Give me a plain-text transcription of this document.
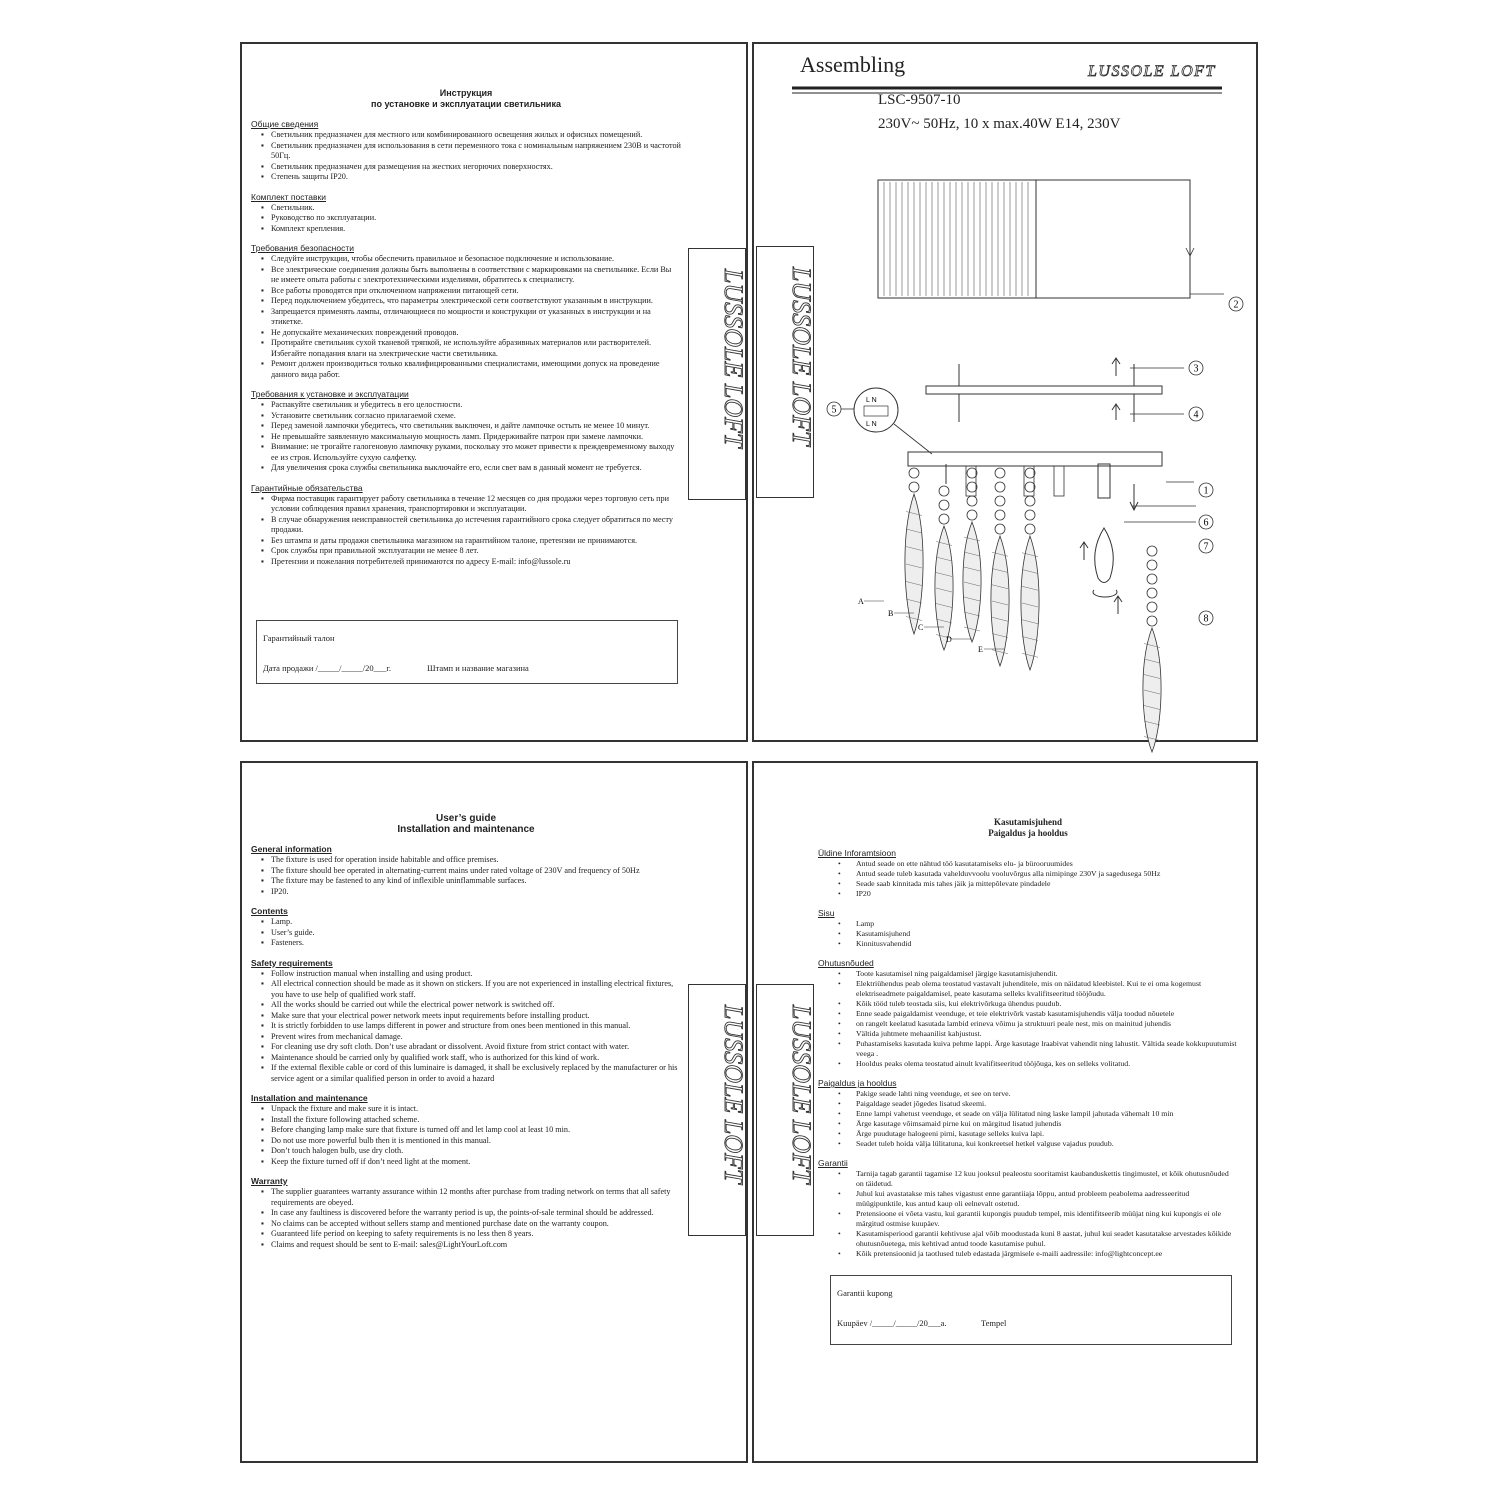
Инструкция
по установке и эксплуатации светильника
Общие сведения
▪ Светильник предназначен для местного или комбинированного освещения жилых и офисных помещений.
▪ Светильник предназначен для использования в сети переменного тока с номинальным напряжением 230В и частотой 50Гц.
▪ Светильник предназначен для размещения на жестких негорючих поверхностях.
▪ Степень защиты IP20.
Комплект поставки
▪ Светильник.
▪ Руководство по эксплуатации.
▪ Комплект крепления.
Требования безопасности
▪ Следуйте инструкции, чтобы обеспечить правильное и безопасное подключение и использование.
▪ Все электрические соединения должны быть выполнены в соответствии с маркировками на светильнике. Если Вы не имеете опыта работы с электротехническими изделиями, обратитесь к специалисту.
▪ Все работы проводятся при отключенном напряжении питающей сети.
▪ Перед подключением убедитесь, что параметры электрической сети соответствуют указанным в инструкции.
▪ Запрещается применять лампы, отличающиеся по мощности и конструкции от указанных в инструкции и на этикетке.
▪ Не допускайте механических повреждений проводов.
▪ Протирайте светильник сухой тканевой тряпкой, не используйте абразивных материалов или растворителей. Избегайте попадания влаги на электрические части светильника.
▪ Ремонт должен производиться только квалифицированными специалистами, имеющими допуск на проведение данного вида работ.
Требования к установке и эксплуатации
▪ Распакуйте светильник и убедитесь в его целостности.
▪ Установите светильник согласно прилагаемой схеме.
▪ Перед заменой лампочки убедитесь, что светильник выключен, и дайте лампочке остыть не менее 10 минут.
▪ Не превышайте заявленную максимальную мощность ламп. Придерживайте патрон при замене лампочки.
▪ Внимание: не трогайте галогеновую лампочку руками, поскольку это может привести к преждевременному выходу ее из строя. Используйте сухую салфетку.
▪ Для увеличения срока службы светильника выключайте его, если свет вам в данный момент не требуется.
Гарантийные обязательства
▪ Фирма поставщик гарантирует работу светильника в течение 12 месяцев со дня продажи через торговую сеть при условии соблюдения правил хранения, транспортировки и эксплуатации.
▪ В случае обнаружения неисправностей светильника до истечения гарантийного срока следует обратиться по месту продажи.
▪ Без штампа и даты продажи светильника магазином на гарантийном талоне, претензии не принимаются.
▪ Срок службы при правильной эксплуатации не менее 8 лет.
▪ Претензии и пожелания потребителей принимаются по адресу E-mail: info@lussole.ru
Гарантийный талон
Дата продажи /_____/_____/20___г.	Штамп и название магазина
Assembling	LUSSOLE LOFT
LSC-9507-10
230V~ 50Hz, 10 x max.40W E14, 230V
L N
L N
1
2
3
4
5
6
7
8
A
B
C
D
E
User’s guide
Installation and maintenance
General information
▪ The fixture is used for operation inside habitable and office premises.
▪ The fixture should bee operated in alternating-current mains under rated voltage of 230V and frequency of 50Hz
▪ The fixture may be fastened to any kind of inflexible uninflammable surfaces.
▪ IP20.
Contents
▪ Lamp.
▪ User’s guide.
▪ Fasteners.
Safety requirements
▪ Follow instruction manual when installing and using product.
▪ All electrical connection should be made as it shown on stickers. If you are not experienced in installing electrical fixtures, you have to use help of qualified work staff.
▪ All the works should be carried out while the electrical power network is switched off.
▪ Make sure that your electrical power network meets input requirements before installing product.
▪ It is strictly forbidden to use lamps different in power and structure from ones been mentioned in this manual.
▪ Prevent wires from mechanical damage.
▪ For cleaning use dry soft cloth. Don’t use abradant or dissolvent. Avoid fixture from strict contact with water.
▪ Maintenance should be carried only by qualified work staff, who is authorized for this kind of work.
▪ If the external flexible cable or cord of this luminaire is damaged, it shall be exclusively replaced by the manufacturer or his service agent or a similar qualified person in order to avoid a hazard
Installation and maintenance
▪ Unpack the fixture and make sure it is intact.
▪ Install the fixture following attached scheme.
▪ Before changing lamp make sure that fixture is turned off and let lamp cool at least 10 min.
▪ Do not use more powerful bulb then it is mentioned in this manual.
▪ Don’t touch halogen bulb, use dry cloth.
▪ Keep the fixture turned off if don’t need light at the moment.
Warranty
▪ The supplier guarantees warranty assurance within 12 months after purchase from trading network on terms that all safety requirements are obeyed.
▪ In case any faultiness is discovered before the warranty period is up, the points-of-sale terminal should be addressed.
▪ No claims can be accepted without sellers stamp and mentioned purchase date on the warranty coupon.
▪ Guaranteed life period on keeping to safety requirements is no less then 8 years.
▪ Claims and request should be sent to E-mail: sales@LightYourLoft.com
Kasutamisjuhend
Paigaldus ja hooldus
Üldine Inforamtsioon
• Antud seade on ette nähtud töö kasutatamiseks elu- ja bürooruumides
• Antud seade tuleb kasutada vahelduvvoolu vooluvõrgus alla nimipinge 230V ja sagedusega 50Hz
• Seade saab kinnitada mis tahes jäik ja mittepõlevate pindadele
• IP20
Sisu
• Lamp
• Kasutamisjuhend
• Kinnitusvahendid
Ohutusnõuded
• Toote kasutamisel ning paigaldamisel järgige kasutamisjuhendit.
• Elektriühendus peab olema teostatud vastavalt juhenditele, mis on näidatud kleebistel. Kui te ei oma kogemust elektriseadmete paigaldamisel, peate kasutama selleks kvalifitseeritud tööjõudu.
• Kõik tööd tuleb teostada siis, kui elektrivõrkuga ühendus puudub.
• Enne seade paigaldamist veenduge, et teie elektrivõrk vastab kasutamisjuhendis välja toodud nõuetele
• on rangelt keelatud kasutada lambid erineva võimu ja struktuuri peale nest, mis on mainitud juhendis
• Vältida juhtmete mehaanilist kahjustust.
• Puhastamiseks kasutada kuiva pehme lappi. Ärge kasutage lraabivat vahendit ning lahustit. Vältida seade kokkupuutumist veega .
• Hooldus peaks olema teostatud ainult kvalifitseeritud tööjõuga, kes on selleks volitatud.
Paigaldus ja hooldus
• Pakige seade lahti ning veenduge, et see on terve.
• Paigaldage seadet jõgedes lisatud skeemi.
• Enne lampi vahetust veenduge, et seade on välja lülitatud ning laske lampil jahutada vähemalt 10 min
• Ärge kasutage võimsamaid pirne kui on märgitud lisatud juhendis
• Ärge puudutage halogeeni pirni, kasutage selleks kuiva lapi.
• Seadet tuleb hoida välja lülitatuna, kui konkreetsel hetkel valguse vajadus puudub.
Garantii
• Tarnija tagab garantii tagamise 12 kuu jooksul pealeostu sooritamist kaubanduskettis tingimustel, et kõik ohutusnõuded on täidetud.
• Juhul kui avastatakse mis tahes vigastust enne garantiiaja lõppu, antud probleem peabolema aadresseeritud müügipunktile, kus antud kaup oli eelnevalt ostetud.
• Pretensioone ei võeta vastu, kui garantii kupongis puudub tempel, mis identifitseerib müüjat ning kui kupongis ei ole märgitud ostmise kuupäev.
• Kasutamisperiood garantii kehtivuse ajal võib moodustada kuni 8 aastat, juhul kui seadet kasutatakse arvestades kõikide ohutusnõuetega, mis kehtivad antud toode kasutamise puhul.
• Kõik pretensioonid ja taotlused tuleb edastada järgmisele e-maili aadressile: info@lightconcept.ee
Garantii kupong
Kuupäev /_____/_____/20___a.	Tempel
LUSSOLE LOFT LUSSOLE LOFT
LUSSOLE LOFT LUSSOLE LOFT
